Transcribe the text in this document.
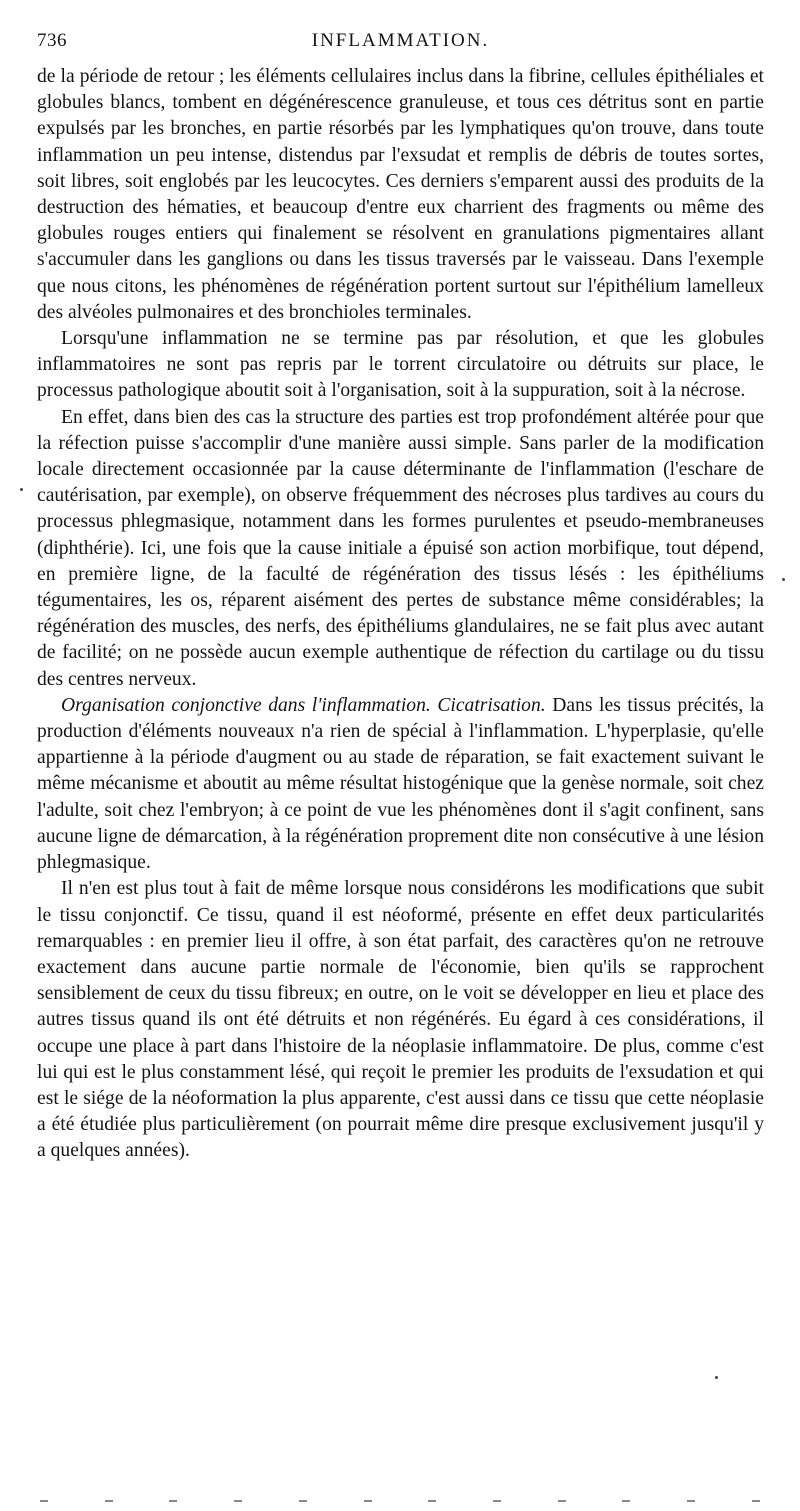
736	INFLAMMATION.

de la période de retour ; les éléments cellulaires inclus dans la fibrine, cellules épithéliales et globules blancs, tombent en dégénérescence granuleuse, et tous ces détritus sont en partie expulsés par les bronches, en partie résorbés par les lymphatiques qu'on trouve, dans toute inflammation un peu intense, distendus par l'exsudat et remplis de débris de toutes sortes, soit libres, soit englobés par les leucocytes. Ces derniers s'emparent aussi des produits de la destruction des hématies, et beaucoup d'entre eux charrient des fragments ou même des globules rouges entiers qui finalement se résolvent en granulations pigmentaires allant s'accumuler dans les ganglions ou dans les tissus traversés par le vaisseau. Dans l'exemple que nous citons, les phénomènes de régénération portent surtout sur l'épithélium lamelleux des alvéoles pulmonaires et des bronchioles terminales.

Lorsqu'une inflammation ne se termine pas par résolution, et que les globules inflammatoires ne sont pas repris par le torrent circulatoire ou détruits sur place, le processus pathologique aboutit soit à l'organisation, soit à la suppuration, soit à la nécrose.

En effet, dans bien des cas la structure des parties est trop profondément altérée pour que la réfection puisse s'accomplir d'une manière aussi simple. Sans parler de la modification locale directement occasionnée par la cause déterminante de l'inflammation (l'eschare de cautérisation, par exemple), on observe fréquemment des nécroses plus tardives au cours du processus phlegmasique, notamment dans les formes purulentes et pseudo-membraneuses (diphthérie). Ici, une fois que la cause initiale a épuisé son action morbifique, tout dépend, en première ligne, de la faculté de régénération des tissus lésés : les épithéliums tégumentaires, les os, réparent aisément des pertes de substance même considérables; la régénération des muscles, des nerfs, des épithéliums glandulaires, ne se fait plus avec autant de facilité; on ne possède aucun exemple authentique de réfection du cartilage ou du tissu des centres nerveux.

Organisation conjonctive dans l'inflammation. Cicatrisation. Dans les tissus précités, la production d'éléments nouveaux n'a rien de spécial à l'inflammation. L'hyperplasie, qu'elle appartienne à la période d'augment ou au stade de réparation, se fait exactement suivant le même mécanisme et aboutit au même résultat histogénique que la genèse normale, soit chez l'adulte, soit chez l'embryon; à ce point de vue les phénomènes dont il s'agit confinent, sans aucune ligne de démarcation, à la régénération proprement dite non consécutive à une lésion phlegmasique.

Il n'en est plus tout à fait de même lorsque nous considérons les modifications que subit le tissu conjonctif. Ce tissu, quand il est néoformé, présente en effet deux particularités remarquables : en premier lieu il offre, à son état parfait, des caractères qu'on ne retrouve exactement dans aucune partie normale de l'économie, bien qu'ils se rapprochent sensiblement de ceux du tissu fibreux; en outre, on le voit se développer en lieu et place des autres tissus quand ils ont été détruits et non régénérés. Eu égard à ces considérations, il occupe une place à part dans l'histoire de la néoplasie inflammatoire. De plus, comme c'est lui qui est le plus constamment lésé, qui reçoit le premier les produits de l'exsudation et qui est le siége de la néoformation la plus apparente, c'est aussi dans ce tissu que cette néoplasie a été étudiée plus particulièrement (on pourrait même dire presque exclusivement jusqu'il y a quelques années).
